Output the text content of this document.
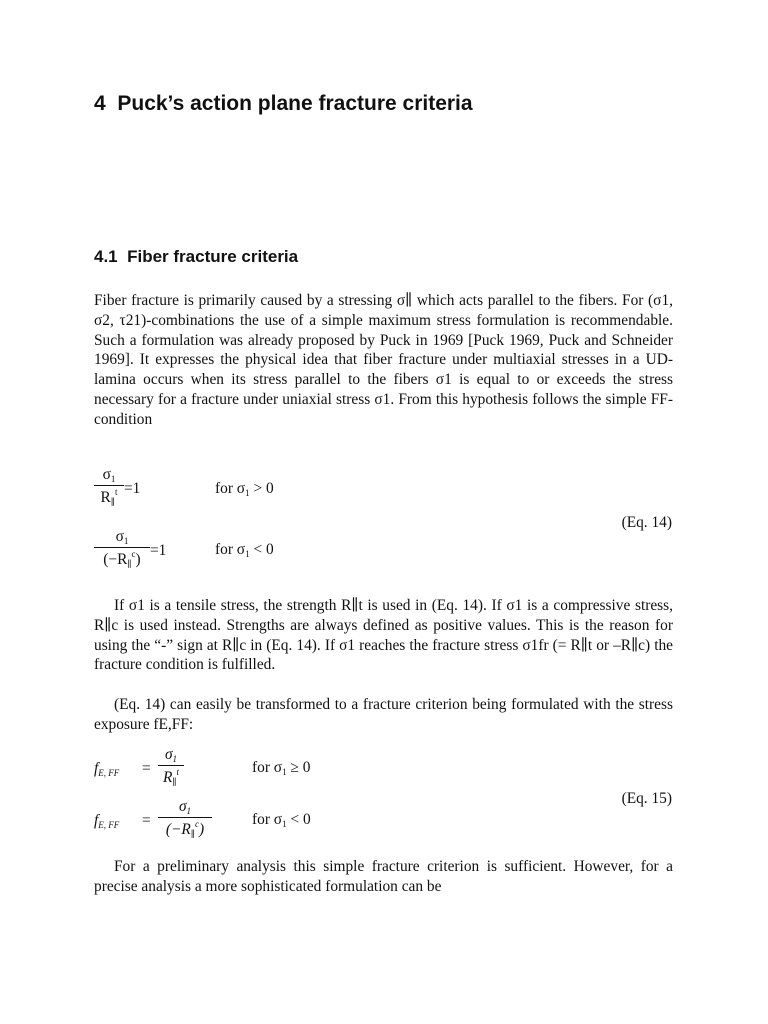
4 Puck’s action plane fracture criteria
4.1 Fiber fracture criteria

Fiber fracture is primarily caused by a stressing σ∥ which acts parallel to the fibers. For (σ1, σ2, τ21)-combinations the use of a simple maximum stress formulation is recommendable. Such a formulation was already proposed by Puck in 1969 [Puck 1969, Puck and Schneider 1969]. It expresses the physical idea that fiber fracture under multiaxial stresses in a UD-lamina occurs when its stress parallel to the fibers σ1 is equal to or exceeds the stress necessary for a fracture under uniaxial stress σ1. From this hypothesis follows the simple FF-condition

$\sigma_1$
$R_\parallel^t =1$	for $\sigma_1 > 0$
(Eq. 14)
$\sigma_1$
$(-R_\parallel^c)$
=1	for $\sigma_1 < 0$

If σ1 is a tensile stress, the strength R∥t is used in (Eq. 14). If σ1 is a compressive stress, R∥c is used instead. Strengths are always defined as positive values. This is the reason for using the “-” sign at R∥c in (Eq. 14). If σ1 reaches the fracture stress σ1fr (= R∥t or –R∥c) the fracture condition is fulfilled.

(Eq. 14) can easily be transformed to a fracture criterion being formulated with the stress exposure fE,FF:

$f_{E, FF}$ =
$\sigma_1$
$R_\parallel^t$	for $\sigma_1 \ge 0$
(Eq. 15)
$f_{E, FF}$ =
$\sigma_1$
$(-R_\parallel^c)$
for $\sigma_1 < 0$

For a preliminary analysis this simple fracture criterion is sufficient. However, for a precise analysis a more sophisticated formulation can be
